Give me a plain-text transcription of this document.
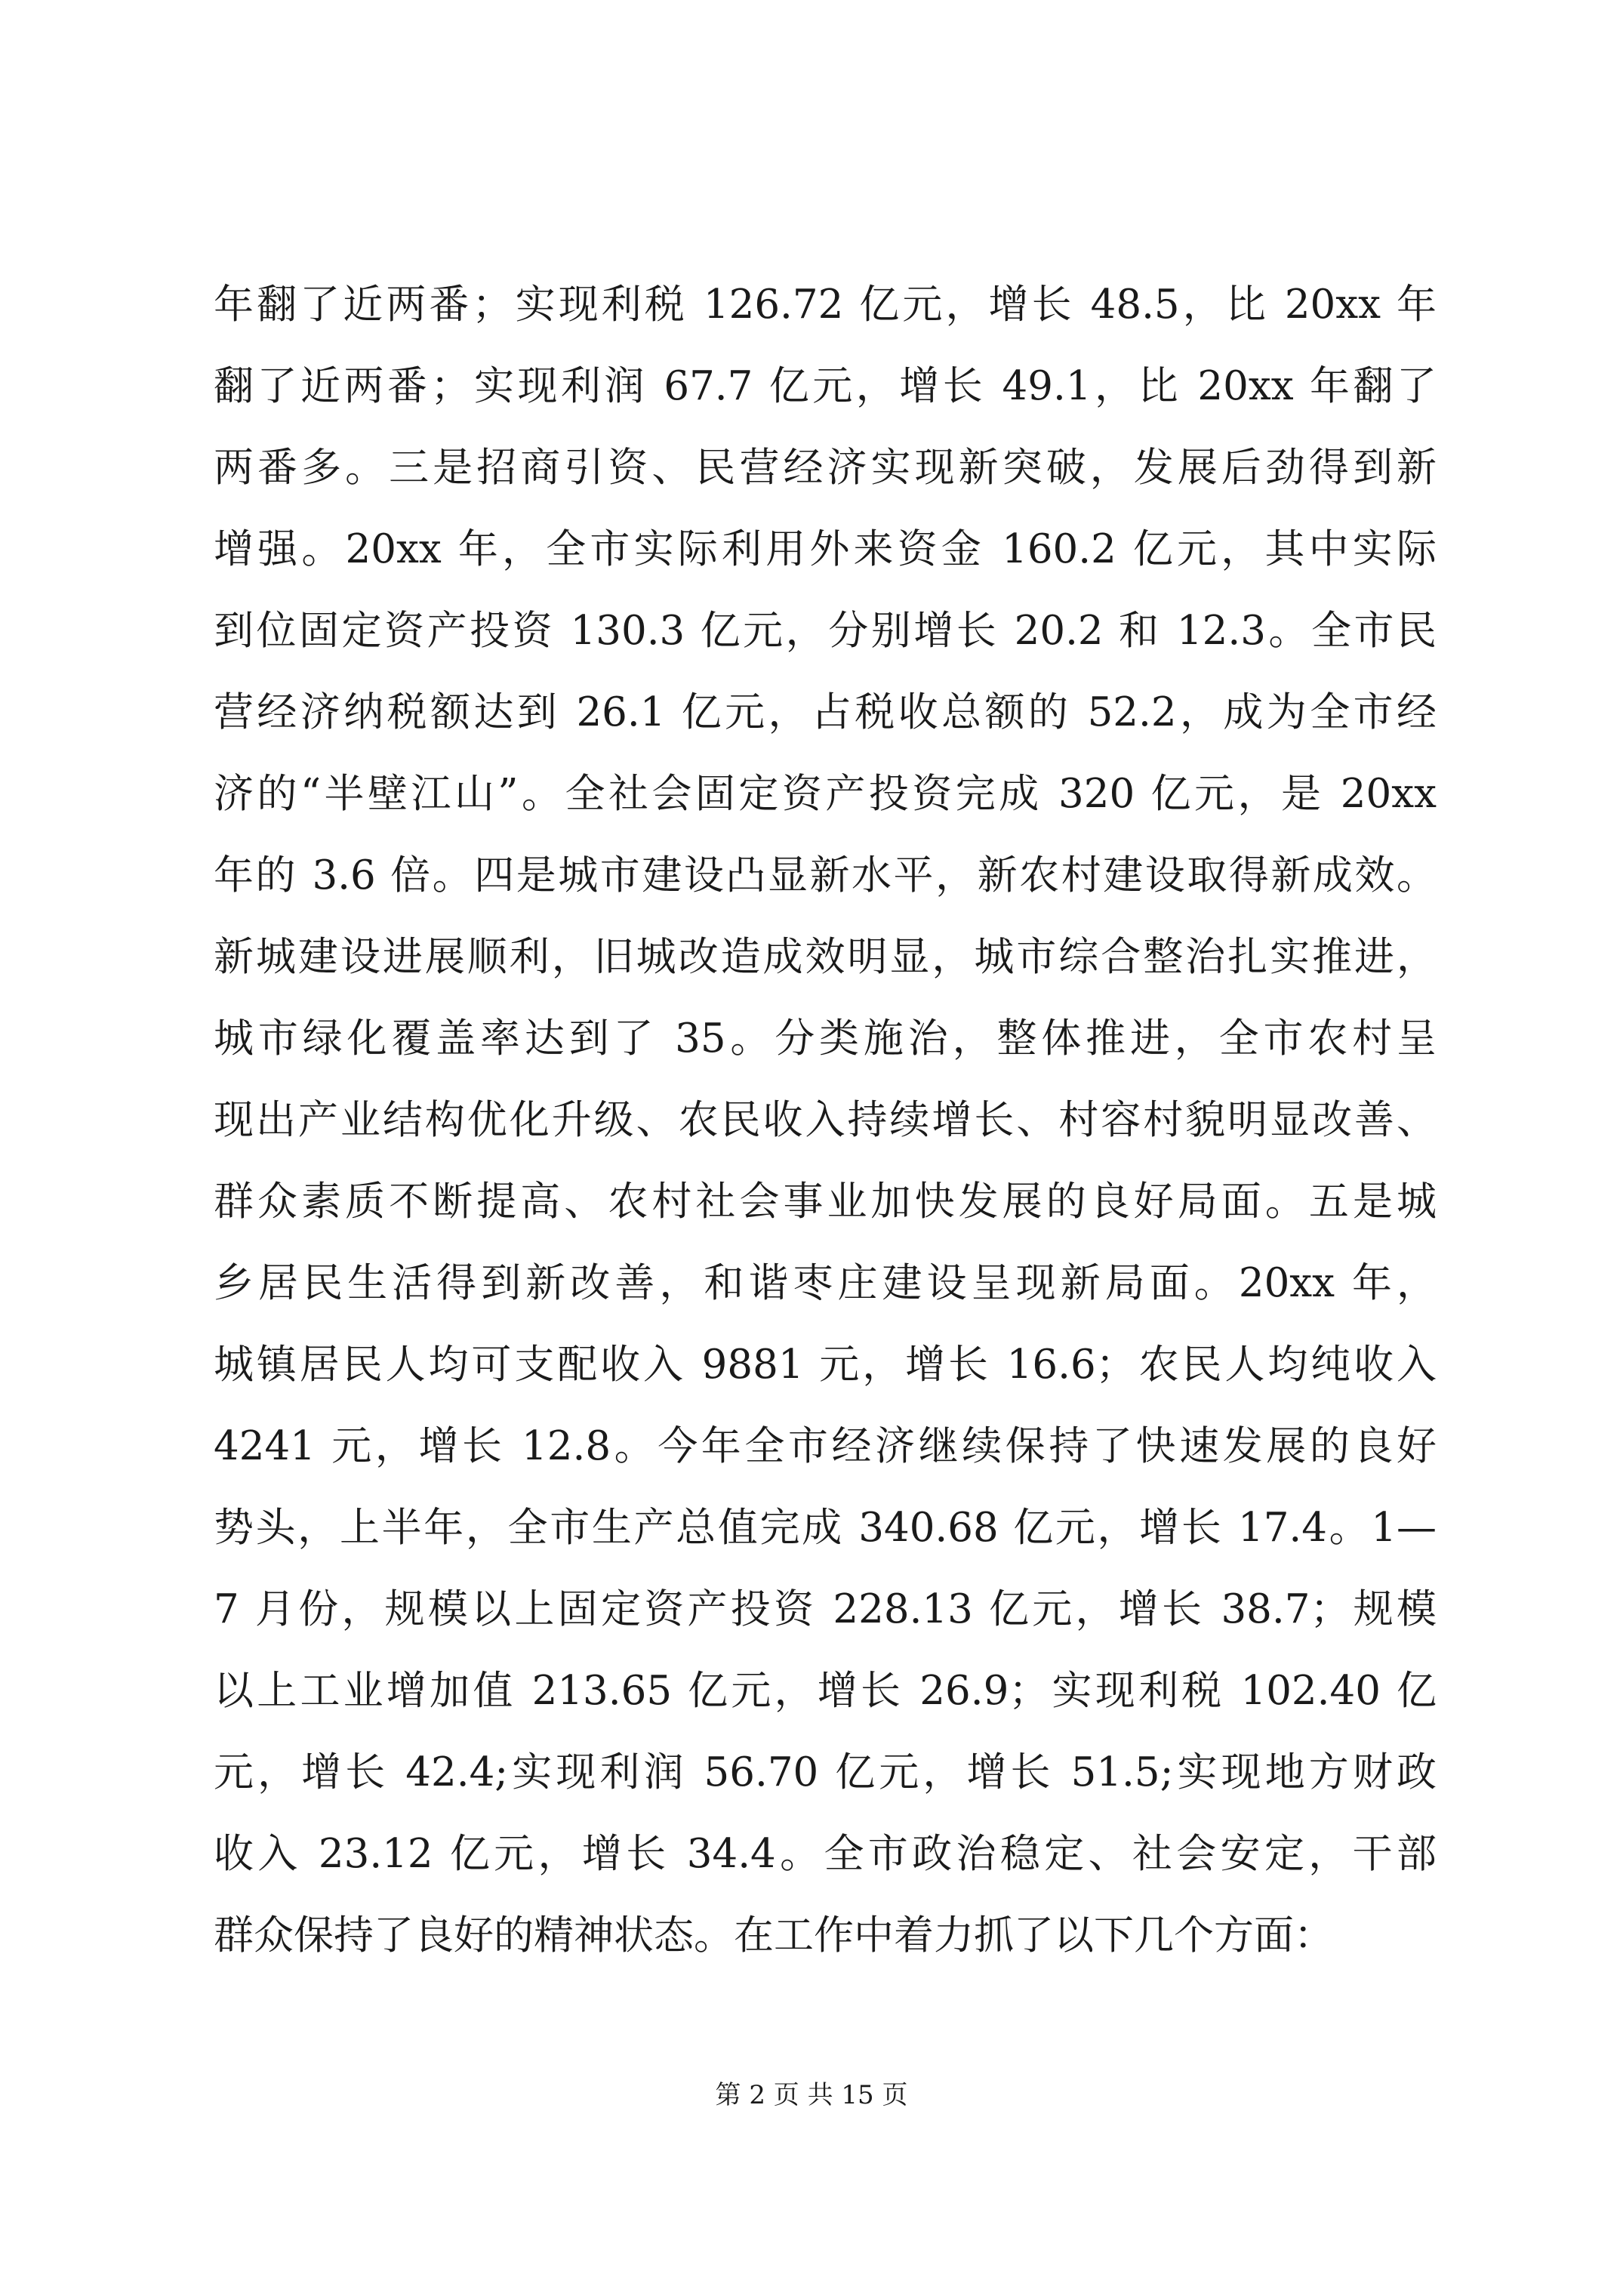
年翻了近两番；实现利税 126.72 亿元，增长 48.5，比 20xx 年
翻了近两番；实现利润 67.7 亿元，增长 49.1，比 20xx 年翻了
两番多。三是招商引资、民营经济实现新突破，发展后劲得到新
增强。20xx 年，全市实际利用外来资金 160.2 亿元，其中实际
到位固定资产投资 130.3 亿元，分别增长 20.2 和 12.3。全市民
营经济纳税额达到 26.1 亿元，占税收总额的 52.2，成为全市经
济的“半壁江山”。全社会固定资产投资完成 320 亿元，是 20xx
年的 3.6 倍。四是城市建设凸显新水平，新农村建设取得新成效。
新城建设进展顺利，旧城改造成效明显，城市综合整治扎实推进，
城市绿化覆盖率达到了 35。分类施治，整体推进，全市农村呈
现出产业结构优化升级、农民收入持续增长、村容村貌明显改善、
群众素质不断提高、农村社会事业加快发展的良好局面。五是城
乡居民生活得到新改善，和谐枣庄建设呈现新局面。20xx 年，
城镇居民人均可支配收入 9881 元，增长 16.6；农民人均纯收入
4241 元，增长 12.8。今年全市经济继续保持了快速发展的良好
势头，上半年，全市生产总值完成 340.68 亿元，增长 17.4。1—
7 月份，规模以上固定资产投资 228.13 亿元，增长 38.7；规模
以上工业增加值 213.65 亿元，增长 26.9；实现利税 102.40 亿
元，增长 42.4;实现利润 56.70 亿元，增长 51.5;实现地方财政
收入 23.12 亿元，增长 34.4。全市政治稳定、社会安定，干部
群众保持了良好的精神状态。在工作中着力抓了以下几个方面：
第 2 页 共 15 页
